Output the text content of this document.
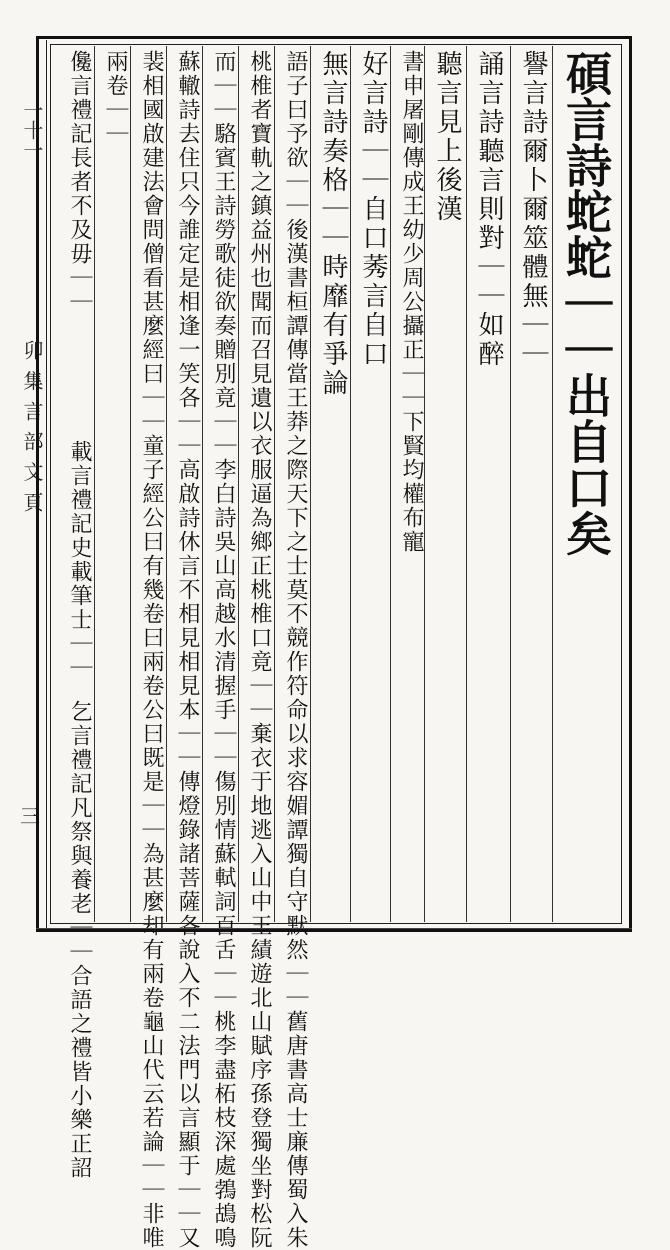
一十一
卯 集 言 部 文 頁
三
碩言詩蛇蛇｜｜出自口矣
譽言詩爾卜爾筮體無｜｜
誦言詩聽言則對｜｜如醉
聽言見上後漢
書申屠剛傳成王幼少周公攝正｜｜下賢均權布寵
好言詩｜｜自口莠言自口
無言詩奏格｜｜時靡有爭論
語子曰予欲｜｜後漢書桓譚傳當王莽之際天下之士莫不競作符命以求容媚譚獨自守默然｜｜舊唐書高士廉傳蜀入朱
桃椎者寶軌之鎮益州也聞而召見遺以衣服逼為鄉正桃椎口竟｜｜棄衣于地逃入山中王績遊北山賦序孫登獨坐對松阮
而｜｜駱賓王詩勞歌徒欲奏贈別竟｜｜李白詩吳山高越水清握手｜｜傷別情蘇軾詞百舌｜｜桃李盡柘枝深處鵓鴣鳴
蘇轍詩去住只今誰定是相逢一笑各｜｜高啟詩休言不相見相見本｜｜傳燈錄諸菩薩各說入不二法門以言顯于｜｜又
裴相國啟建法會問僧看甚麼經曰｜｜童子經公曰有幾卷曰兩卷公曰既是｜｜為甚麼却有兩卷龜山代云若論｜｜非唯
兩卷｜｜
儳言禮記長者不及毋｜｜
載言禮記史載筆士｜｜
乞言禮記凡祭與養老｜｜合語之禮皆小樂正詔
